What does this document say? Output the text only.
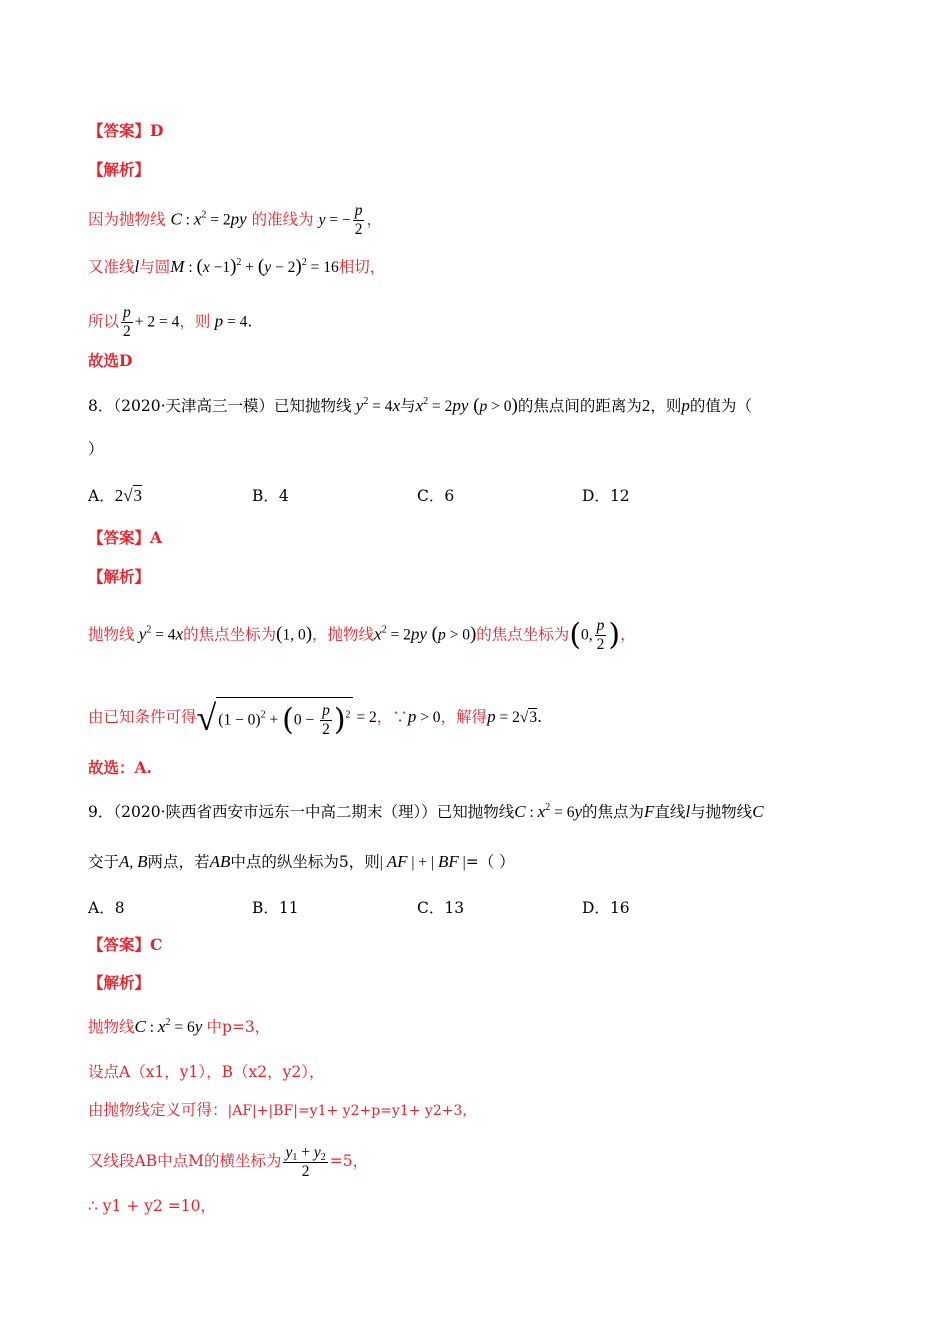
【答案】D
【解析】
因为抛物线 C : $x^2 = 2py$ 的准线为 y = − $\frac{p}{2}$ ，
又准线l与圆M : $(x -1)^2 + (y - 2)^2 = 16$相切，
所以 $\frac{p}{2} + 2 = 4$，则 p = 4.
故选D
8．（2020·天津高三一模）已知抛物线 $y^2 = 4x$与$x^2 = 2py$ (p > 0)的焦点间的距离为2，则p的值为（
）
A．2√3	B．4	C．6	D．12
【答案】A
【解析】
抛物线 $y^2 = 4x$的焦点坐标为(1, 0)，抛物线$x^2 = 2py$ (p > 0)的焦点坐标为(0, $\frac{p}{2}$ )，
由已知条件可得√ $(1 - 0)^2 + (0 - \frac{p}{2} )^2 = 2$，∵p > 0，解得p = 2√3.
故选：A.
9．（2020·陕西省西安市远东一中高二期末（理））已知抛物线C : $x^2 = 6y$的焦点为F直线l与抛物线C
交于A, B两点，若AB中点的纵坐标为5，则| AF | + | BF |=（ ）
A．8	B．11	C．13	D．16
【答案】C
【解析】
抛物线C : $x^2 = 6y$ 中p=3，
设点A（x1，y1），B（x2，y2），
由抛物线定义可得：|AF|+|BF|=y1+ y2+p=y1+ y2+3，
又线段AB中点M的横坐标为 $\frac{y_1 + y_2}{2} =5$，
∴ y1 + y2 =10，
